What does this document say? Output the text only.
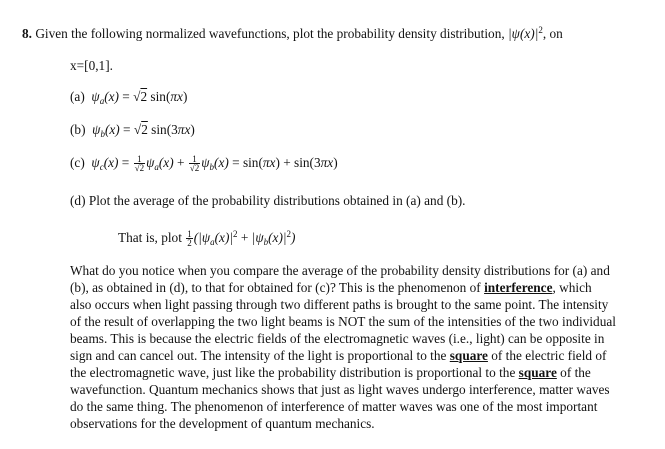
8. Given the following normalized wavefunctions, plot the probability density distribution, $|\psi(x)|^2$, on
x=[0,1].
(a) $\psi_a(x) = √2$ sin(πx)
(b) $\psi_b(x) = √2$ sin(3πx)
(c) $\psi_c(x) = \frac{1}{√2} \psi_a(x) + \frac{1}{√2} \psi_b(x) = \sin(\pi x) + \sin(3\pi x)$
(d) Plot the average of the probability distributions obtained in (a) and (b).
That is, plot $\frac{1}{2} (|\psi_a(x)|^2 + |\psi_b(x)|^2)$
What do you notice when you compare the average of the probability density distributions for (a) and
(b), as obtained in (d), to that for obtained for (c)? This is the phenomenon of interference, which
also occurs when light passing through two different paths is brought to the same point. The intensity
of the result of overlapping the two light beams is NOT the sum of the intensities of the two individual
beams. This is because the electric fields of the electromagnetic waves (i.e., light) can be opposite in
sign and can cancel out. The intensity of the light is proportional to the square of the electric field of
the electromagnetic wave, just like the probability distribution is proportional to the square of the
wavefunction. Quantum mechanics shows that just as light waves undergo interference, matter waves
do the same thing. The phenomenon of interference of matter waves was one of the most important
observations for the development of quantum mechanics.
